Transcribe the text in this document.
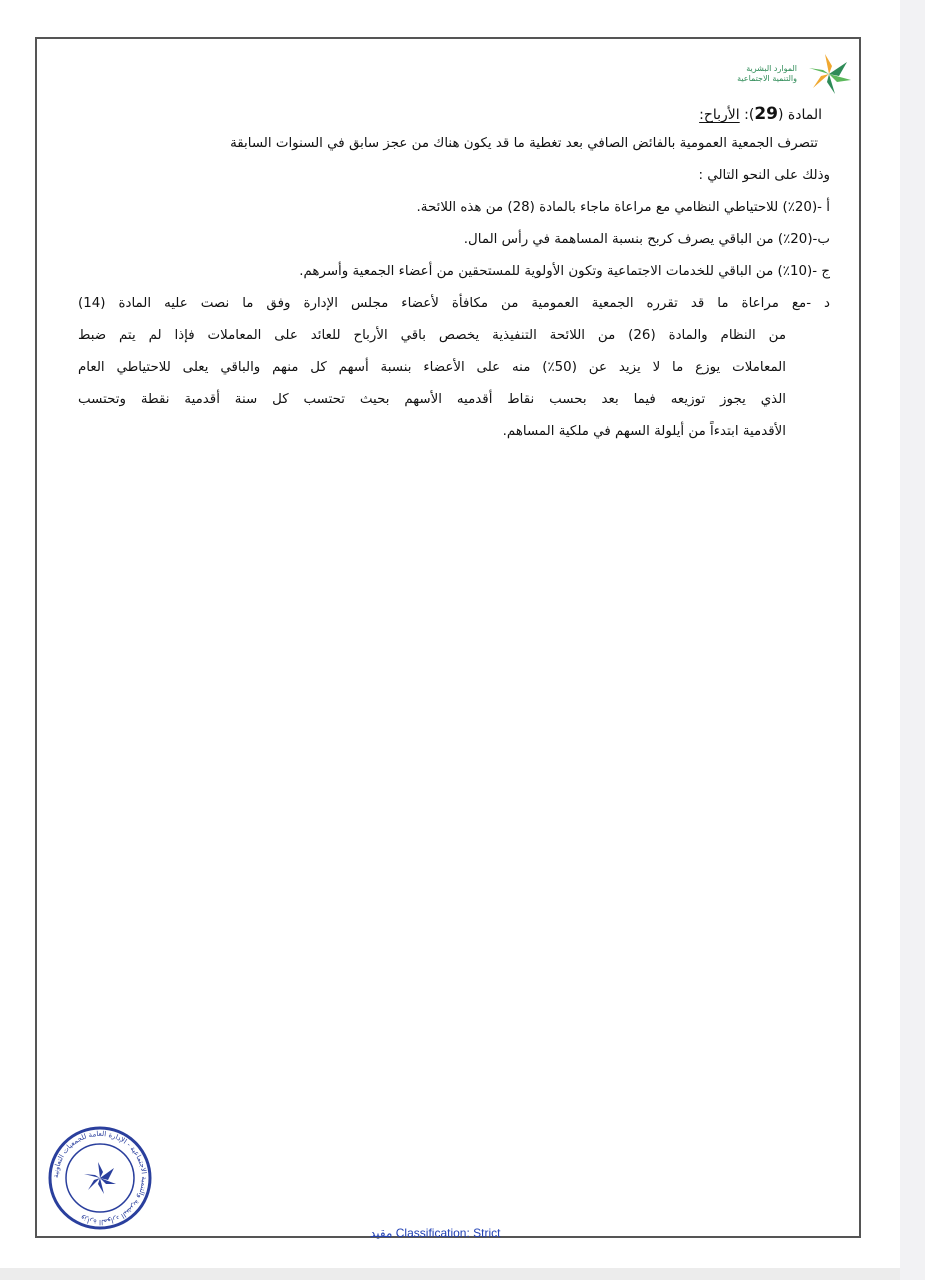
الموارد البشرية
والتنمية الاجتماعية
المادة (29): الأرباح:
تتصرف الجمعية العمومية بالفائض الصافي بعد تغطية ما قد يكون هناك من عجز سابق في السنوات السابقة
وذلك على النحو التالي :
أ -(20٪) للاحتياطي النظامي مع مراعاة ماجاء بالمادة (28) من هذه اللائحة.
ب-(20٪) من الباقي يصرف كربح بنسبة المساهمة في رأس المال.
ج -(10٪) من الباقي للخدمات الاجتماعية وتكون الأولوية للمستحقين من أعضاء الجمعية وأسرهم.
د -مع مراعاة ما قد تقرره الجمعية العمومية من مكافأة لأعضاء مجلس الإدارة وفق ما نصت عليه المادة (14)
من النظام والمادة (26) من اللائحة التنفيذية يخصص باقي الأرباح للعائد على المعاملات فإذا لم يتم ضبط
المعاملات يوزع ما لا يزيد عن (50٪) منه على الأعضاء بنسبة أسهم كل منهم والباقي يعلى للاحتياطي العام
الذي يجوز توزيعه فيما بعد بحسب نقاط أقدميه الأسهم بحيث تحتسب كل سنة أقدمية نقطة وتحتسب
الأقدمية ابتدءاً من أيلولة السهم في ملكية المساهم.
وزارة الموارد البشرية والتنمية الاجتماعية - الإدارة العامة للجمعيات التعاونية
مقيد Classification: Strict
